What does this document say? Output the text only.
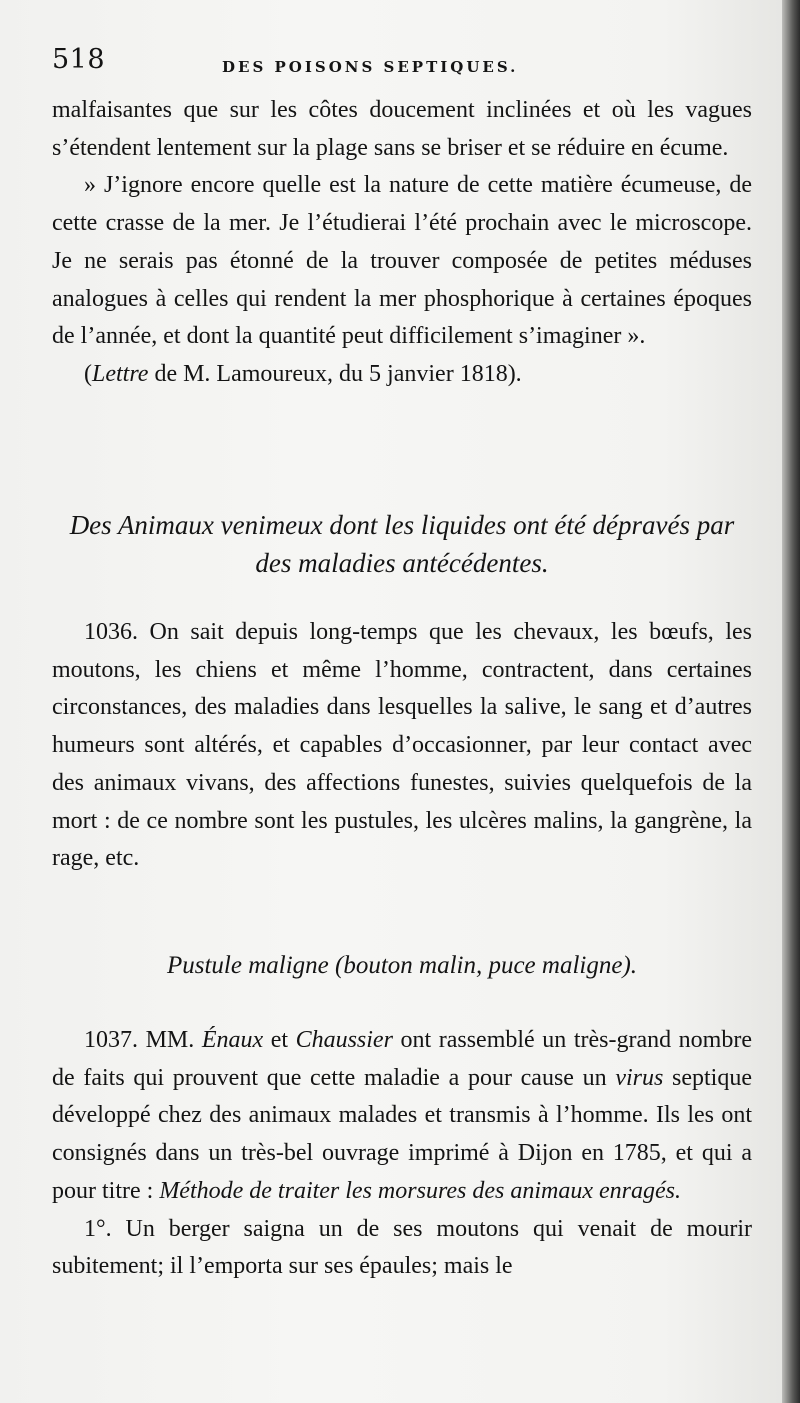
518	DES POISONS SEPTIQUES.

malfaisantes que sur les côtes doucement inclinées et où les vagues s’étendent lentement sur la plage sans se briser et se réduire en écume.

» J’ignore encore quelle est la nature de cette matière écumeuse, de cette crasse de la mer. Je l’étudierai l’été prochain avec le microscope. Je ne serais pas étonné de la trouver composée de petites méduses analogues à celles qui rendent la mer phosphorique à certaines époques de l’année, et dont la quantité peut difficilement s’imaginer ».

(Lettre de M. Lamoureux, du 5 janvier 1818).

Des Animaux venimeux dont les liquides ont été dépravés par des maladies antécédentes.

1036. On sait depuis long-temps que les chevaux, les bœufs, les moutons, les chiens et même l’homme, contractent, dans certaines circonstances, des maladies dans lesquelles la salive, le sang et d’autres humeurs sont altérés, et capables d’occasionner, par leur contact avec des animaux vivans, des affections funestes, suivies quelquefois de la mort : de ce nombre sont les pustules, les ulcères malins, la gangrène, la rage, etc.

Pustule maligne (bouton malin, puce maligne).

1037. MM. Énaux et Chaussier ont rassemblé un très-grand nombre de faits qui prouvent que cette maladie a pour cause un virus septique développé chez des animaux malades et transmis à l’homme. Ils les ont consignés dans un très-bel ouvrage imprimé à Dijon en 1785, et qui a pour titre : Méthode de traiter les morsures des animaux enragés.

1°. Un berger saigna un de ses moutons qui venait de mourir subitement; il l’emporta sur ses épaules; mais le
